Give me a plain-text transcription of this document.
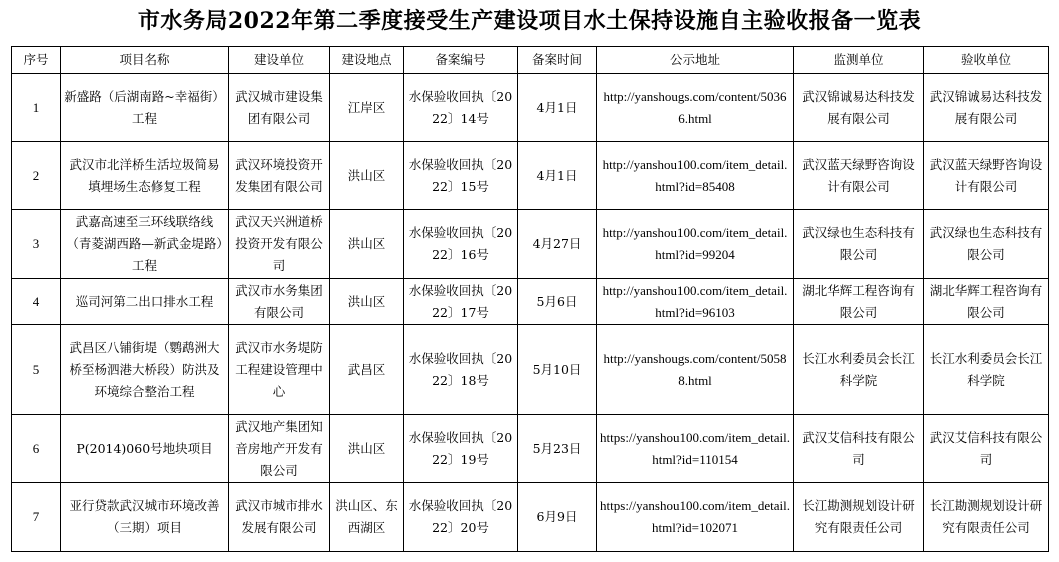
市水务局2022年第二季度接受生产建设项目水土保持设施自主验收报备一览表
序号	项目名称	建设单位	建设地点	备案编号	备案时间	公示地址	监测单位	验收单位
1	新盛路（后湖南路~幸福街）工程	武汉城市建设集团有限公司	江岸区	水保验收回执〔2022〕14号	4月1日	http://yanshougs.com/content/50366.html	武汉锦诚易达科技发展有限公司	武汉锦诚易达科技发展有限公司
2	武汉市北洋桥生活垃圾简易填埋场生态修复工程	武汉环境投资开发集团有限公司	洪山区	水保验收回执〔2022〕15号	4月1日	http://yanshou100.com/item_detail.html?id=85408	武汉蓝天绿野咨询设计有限公司	武汉蓝天绿野咨询设计有限公司
3	武嘉高速至三环线联络线（青菱湖西路—新武金堤路）工程	武汉天兴洲道桥投资开发有限公司	洪山区	水保验收回执〔2022〕16号	4月27日	http://yanshou100.com/item_detail.html?id=99204	武汉绿也生态科技有限公司	武汉绿也生态科技有限公司
4	巡司河第二出口排水工程	武汉市水务集团有限公司	洪山区	水保验收回执〔2022〕17号	5月6日	http://yanshou100.com/item_detail.html?id=96103	湖北华辉工程咨询有限公司	湖北华辉工程咨询有限公司
5	武昌区八铺街堤（鹦鹉洲大桥至杨泗港大桥段）防洪及环境综合整治工程	武汉市水务堤防工程建设管理中心	武昌区	水保验收回执〔2022〕18号	5月10日	http://yanshougs.com/content/50588.html	长江水利委员会长江科学院	长江水利委员会长江科学院
6	P(2014)060号地块项目	武汉地产集团知音房地产开发有限公司	洪山区	水保验收回执〔2022〕19号	5月23日	https://yanshou100.com/item_detail.html?id=110154	武汉艾信科技有限公司	武汉艾信科技有限公司
7	亚行贷款武汉城市环境改善（三期）项目	武汉市城市排水发展有限公司	洪山区、东西湖区	水保验收回执〔2022〕20号	6月9日	https://yanshou100.com/item_detail.html?id=102071	长江勘测规划设计研究有限责任公司	长江勘测规划设计研究有限责任公司
